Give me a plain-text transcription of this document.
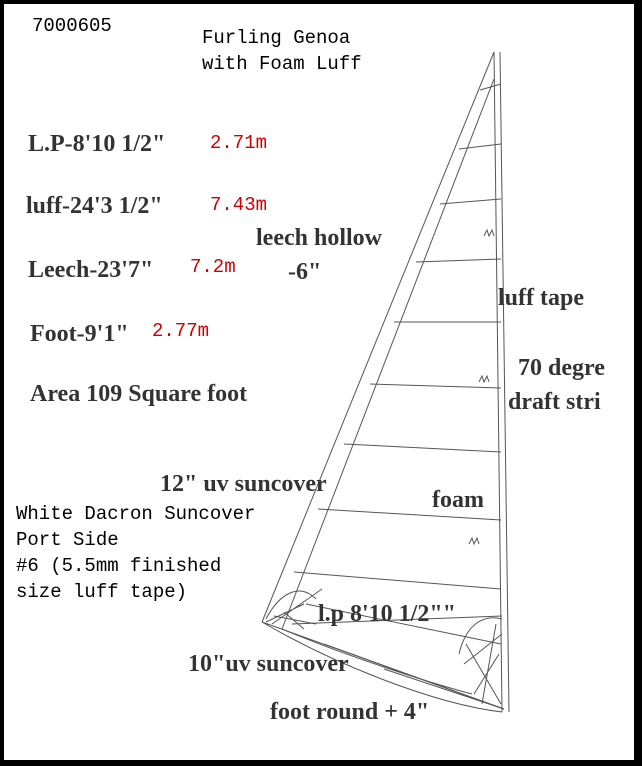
7000605
Furling Genoa
with Foam Luff
L.P-8'10 1/2" 2.71m
luff-24'3 1/2" 7.43m
Leech-23'7" 7.2m
Foot-9'1" 2.77m
Area 109 Square foot
leech hollow
-6"
luff tape
70 degre
draft stri
12" uv suncover
foam
White Dacron Suncover
Port Side
#6 (5.5mm finished
size luff tape)
l.p 8'10 1/2""
10"uv suncover
foot round + 4"
